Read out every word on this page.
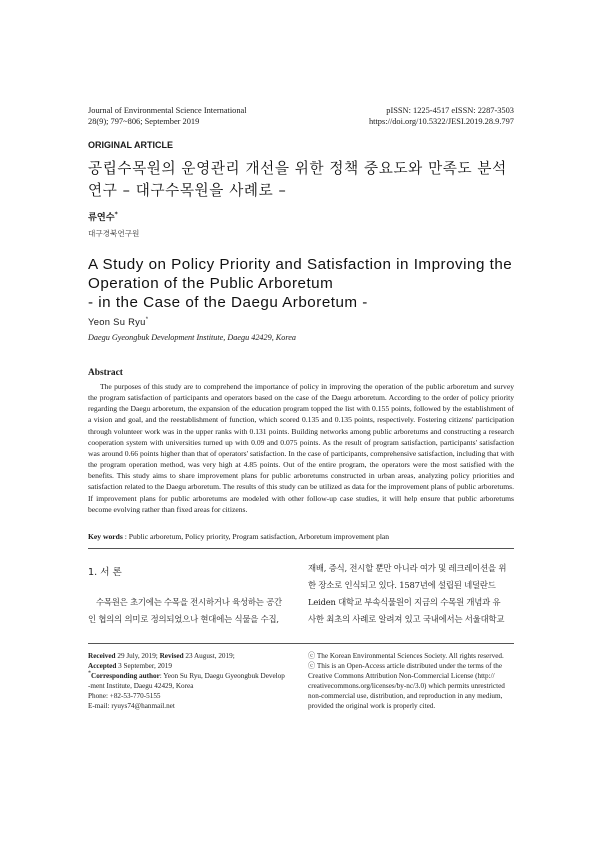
Journal of Environmental Science International
28(9); 797~806; September 2019
pISSN: 1225-4517 eISSN: 2287-3503
https://doi.org/10.5322/JESI.2019.28.9.797
ORIGINAL ARTICLE
공립수목원의 운영관리 개선을 위한 정책 중요도와 만족도 분석
연구 – 대구수목원을 사례로 –
류연수*
대구경북연구원
A Study on Policy Priority and Satisfaction in Improving the
Operation of the Public Arboretum
- in the Case of the Daegu Arboretum -
Yeon Su Ryu*
Daegu Gyeongbuk Development Institute, Daegu 42429, Korea
Abstract
The purposes of this study are to comprehend the importance of policy in improving the operation of the public arboretum and survey the program satisfaction of participants and operators based on the case of the Daegu arboretum. According to the order of policy priority regarding the Daegu arboretum, the expansion of the education program topped the list with 0.155 points, followed by the establishment of a vision and goal, and the reestablishment of function, which scored 0.135 and 0.135 points, respectively. Fostering citizens' participation through volunteer work was in the upper ranks with 0.131 points. Building networks among public arboretums and constructing a research cooperation system with universities turned up with 0.09 and 0.075 points. As the result of program satisfaction, participants' satisfaction was around 0.66 points higher than that of operators' satisfaction. In the case of participants, comprehensive satisfaction, including that with the program operation method, was very high at 4.85 points. Out of the entire program, the operators were the most satisfied with the benefits. This study aims to share improvement plans for public arboretums constructed in urban areas, analyzing policy priorities and satisfaction related to the Daegu arboretum. The results of this study can be utilized as data for the improvement plans of public arboretums. If improvement plans for public arboretums are modeled with other follow-up case studies, it will help ensure that public arboretums become evolving rather than fixed areas for citizens.
Key words : Public arboretum, Policy priority, Program satisfaction, Arboretum improvement plan
1. 서 론
수목원은 초기에는 수목을 전시하거나 육성하는 공간
인 협의의 의미로 정의되었으나 현대에는 식물을 수집,
재배, 증식, 전시할 뿐만 아니라 여가 및 레크레이션을 위
한 장소로 인식되고 있다. 1587년에 설립된 네덜란드
Leiden 대학교 부속식물원이 지금의 수목원 개념과 유
사한 최초의 사례로 알려져 있고 국내에서는 서울대학교
Received 29 July, 2019; Revised 23 August, 2019;
Accepted 3 September, 2019
*Corresponding author: Yeon Su Ryu, Daegu Gyeongbuk Develop
-ment Institute, Daegu 42429, Korea
Phone: +82-53-770-5155
E-mail: ryuys74@hanmail.net
ⓒ The Korean Environmental Sciences Society. All rights reserved.
ⓒ This is an Open-Access article distributed under the terms of the
Creative Commons Attribution Non-Commercial License (http://
creativecommons.org/licenses/by-nc/3.0) which permits unrestricted
non-commercial use, distribution, and reproduction in any medium,
provided the original work is properly cited.
